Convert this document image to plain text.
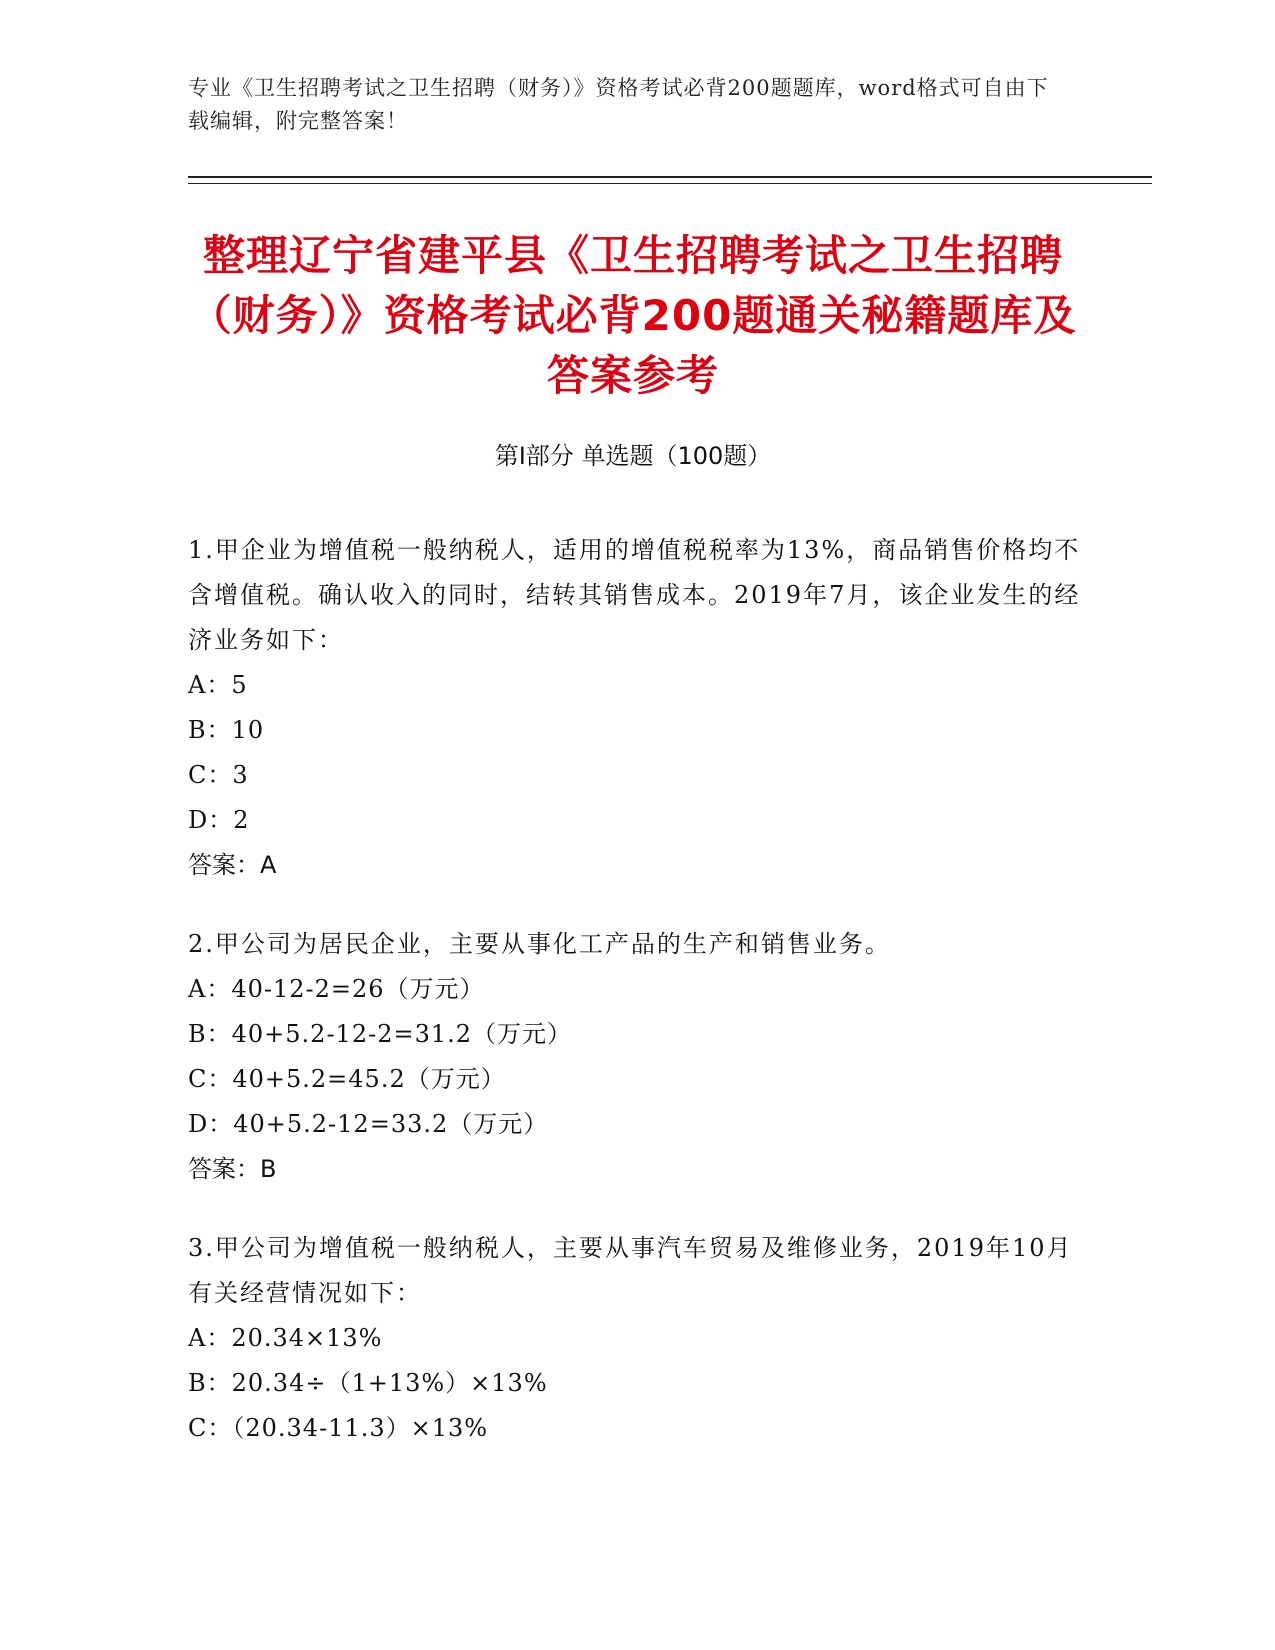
专业《卫生招聘考试之卫生招聘（财务）》资格考试必背200题题库，word格式可自由下载编辑，附完整答案！
整理辽宁省建平县《卫生招聘考试之卫生招聘（财务）》资格考试必背200题通关秘籍题库及答案参考
第I部分 单选题（100题）
1.甲企业为增值税一般纳税人，适用的增值税税率为13%，商品销售价格均不含增值税。确认收入的同时，结转其销售成本。2019年7月，该企业发生的经济业务如下：
A：5
B：10
C：3
D：2
答案：A
2.甲公司为居民企业，主要从事化工产品的生产和销售业务。
A：40-12-2=26（万元）
B：40+5.2-12-2=31.2（万元）
C：40+5.2=45.2（万元）
D：40+5.2-12=33.2（万元）
答案：B
3.甲公司为增值税一般纳税人，主要从事汽车贸易及维修业务，2019年10月有关经营情况如下：
A：20.34×13%
B：20.34÷（1+13%）×13%
C：（20.34-11.3）×13%
